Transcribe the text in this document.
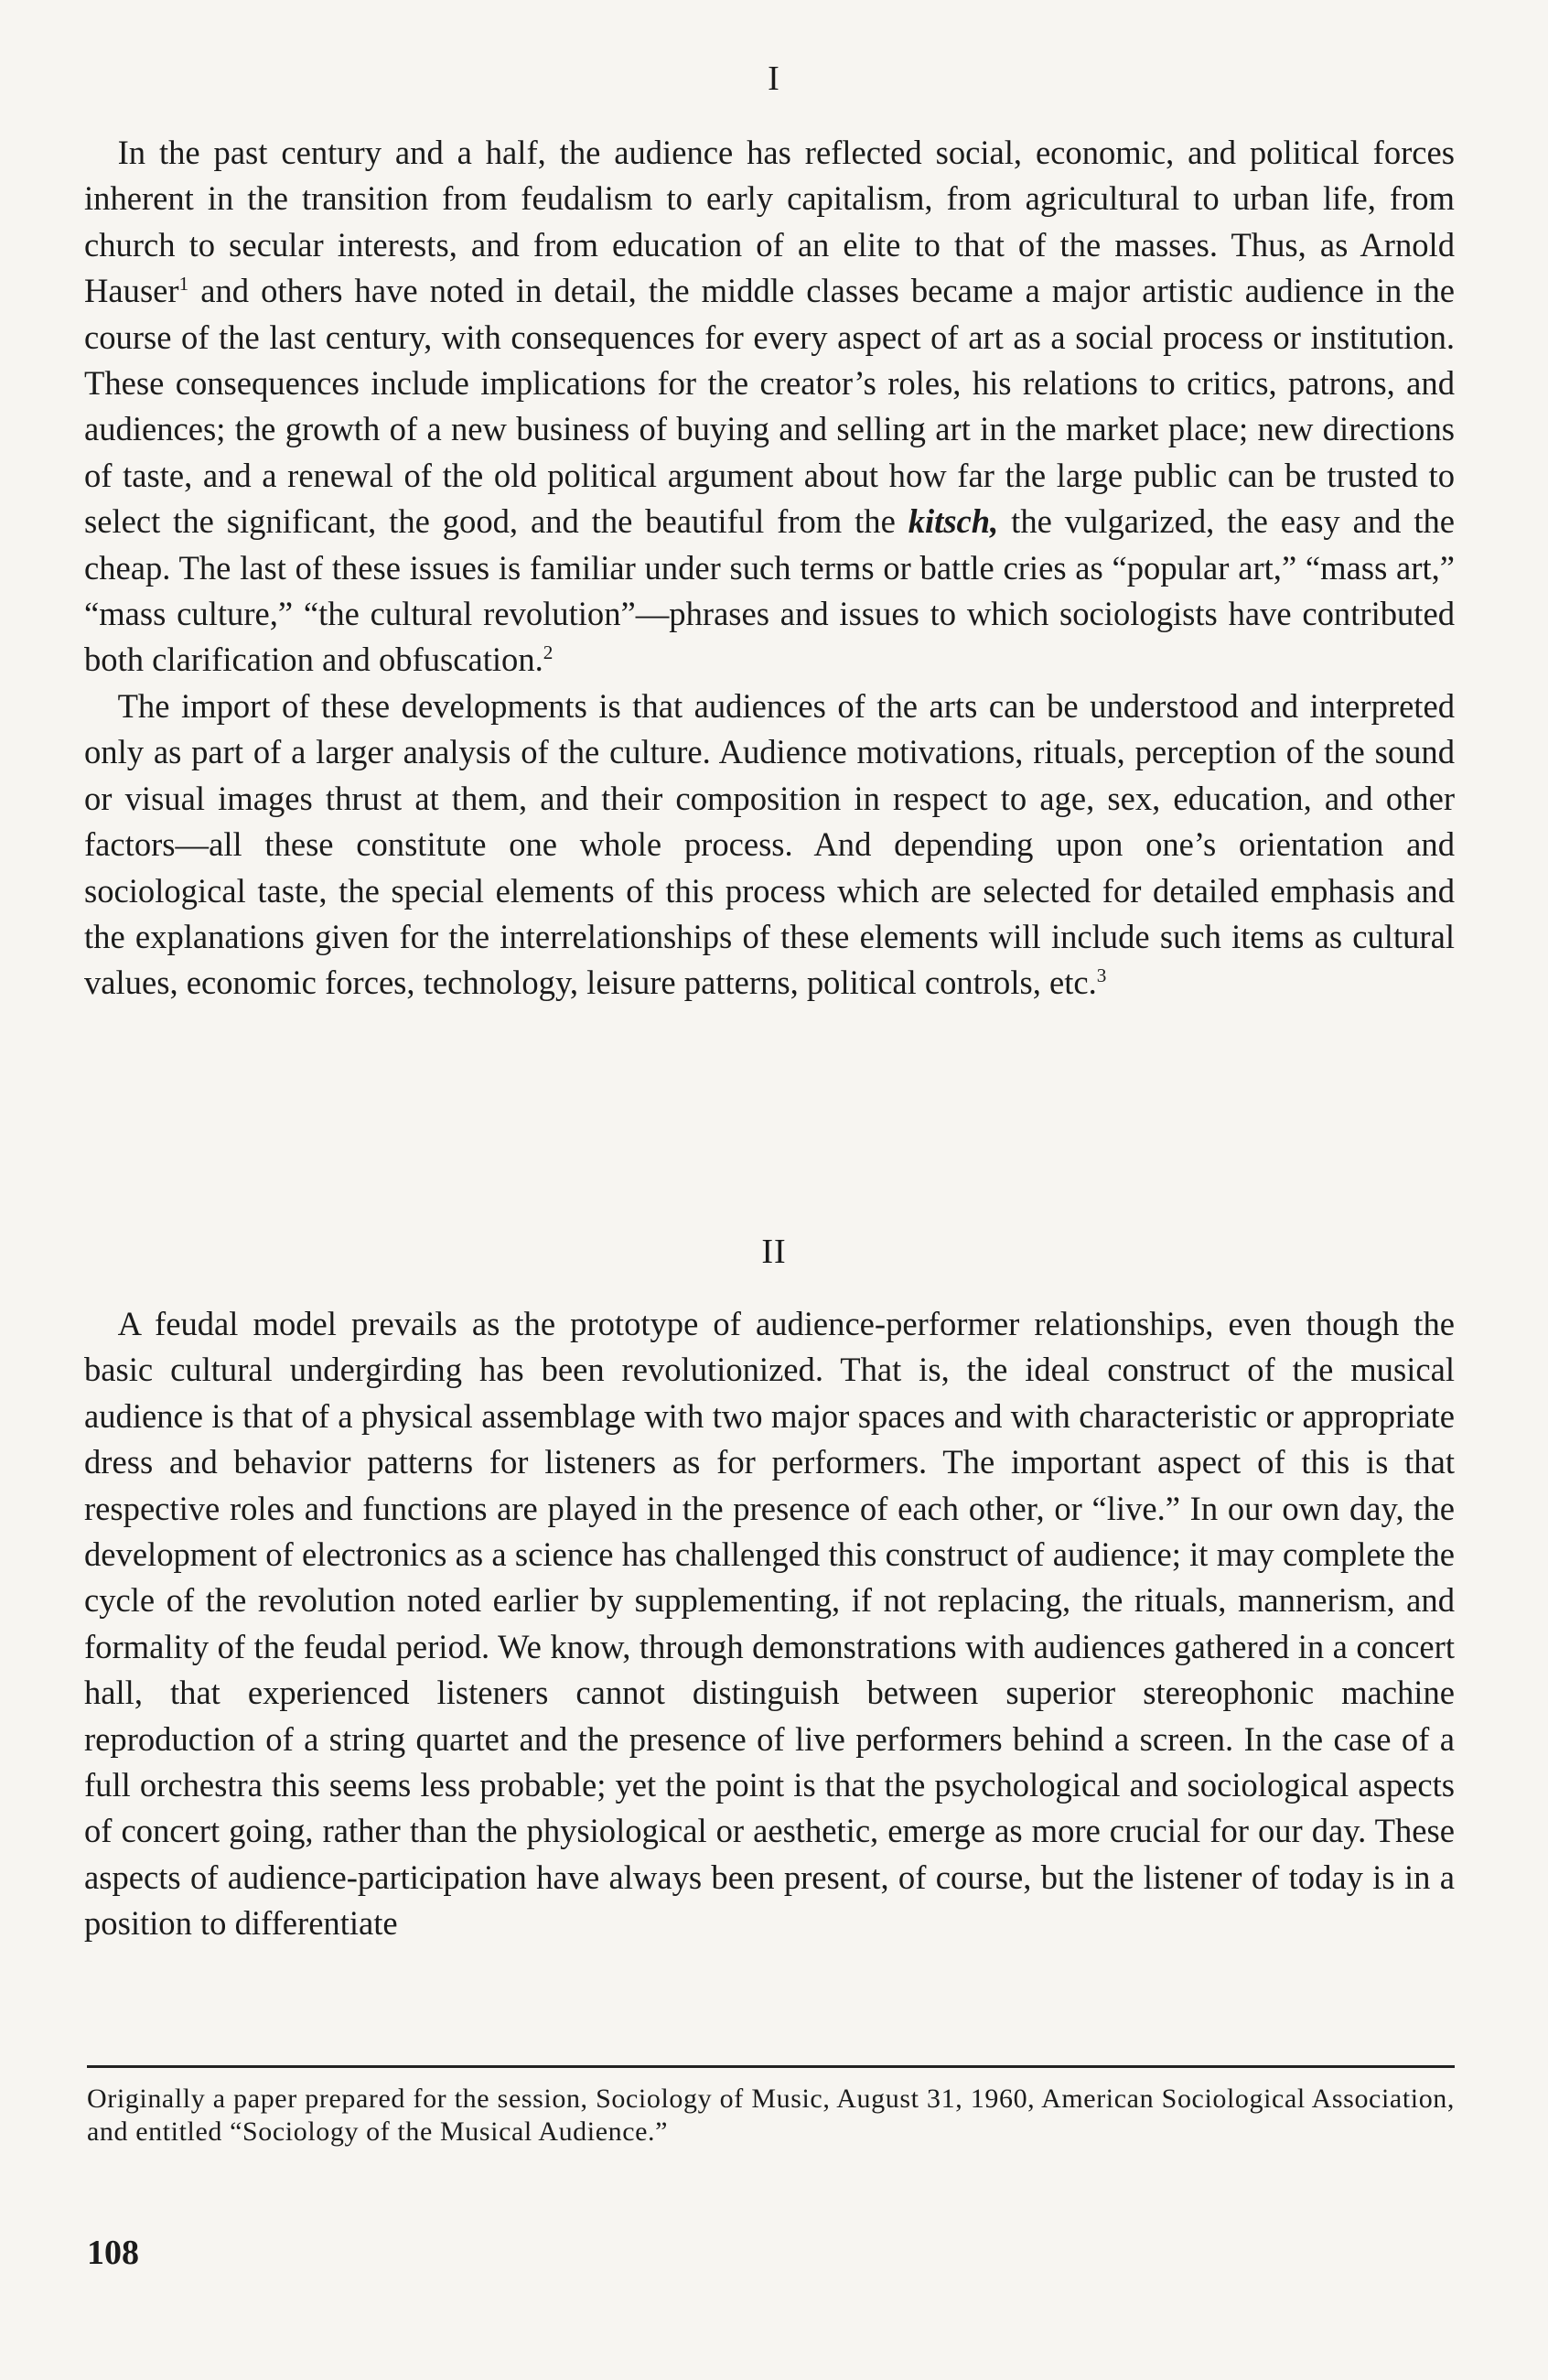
I

 In the past century and a half, the audience has reflected social, economic, and political forces inherent in the transition from feudalism to early capitalism, from agricultural to urban life, from church to secular interests, and from education of an elite to that of the masses. Thus, as Arnold Hauser$^1$ and others have noted in detail, the middle classes became a major artistic audience in the course of the last century, with consequences for every aspect of art as a social process or institution. These consequences include implications for the creator’s roles, his relations to critics, patrons, and audiences; the growth of a new business of buying and selling art in the market place; new directions of taste, and a renewal of the old political argument about how far the large public can be trusted to select the significant, the good, and the beautiful from the kitsch, the vulgarized, the easy and the cheap. The last of these issues is familiar under such terms or battle cries as “popular art,” “mass art,” “mass culture,” “the cultural revolution”—phrases and issues to which sociologists have contributed both clarification and obfuscation.$^2$

 The import of these developments is that audiences of the arts can be understood and interpreted only as part of a larger analysis of the culture. Audience motivations, rituals, perception of the sound or visual images thrust at them, and their composition in respect to age, sex, education, and other factors—all these constitute one whole process. And depending upon one’s orientation and sociological taste, the special elements of this process which are selected for detailed emphasis and the explanations given for the interrelationships of these elements will include such items as cultural values, economic forces, technology, leisure patterns, political controls, etc.$^3$

II

 A feudal model prevails as the prototype of audience-performer relationships, even though the basic cultural undergirding has been revolutionized. That is, the ideal construct of the musical audience is that of a physical assemblage with two major spaces and with characteristic or appropriate dress and behavior patterns for listeners as for performers. The important aspect of this is that respective roles and functions are played in the presence of each other, or “live.” In our own day, the development of electronics as a science has challenged this construct of audience; it may complete the cycle of the revolution noted earlier by supplementing, if not replacing, the rituals, mannerism, and formality of the feudal period. We know, through demonstrations with audiences gathered in a concert hall, that experienced listeners cannot distinguish between superior stereophonic machine reproduction of a string quartet and the presence of live performers behind a screen. In the case of a full orchestra this seems less probable; yet the point is that the psychological and sociological aspects of concert going, rather than the physiological or aesthetic, emerge as more crucial for our day. These aspects of audience-participation have always been present, of course, but the listener of today is in a position to differentiate

Originally a paper prepared for the session, Sociology of Music, August 31, 1960, American Sociological Association, and entitled “Sociology of the Musical Audience.”
108
